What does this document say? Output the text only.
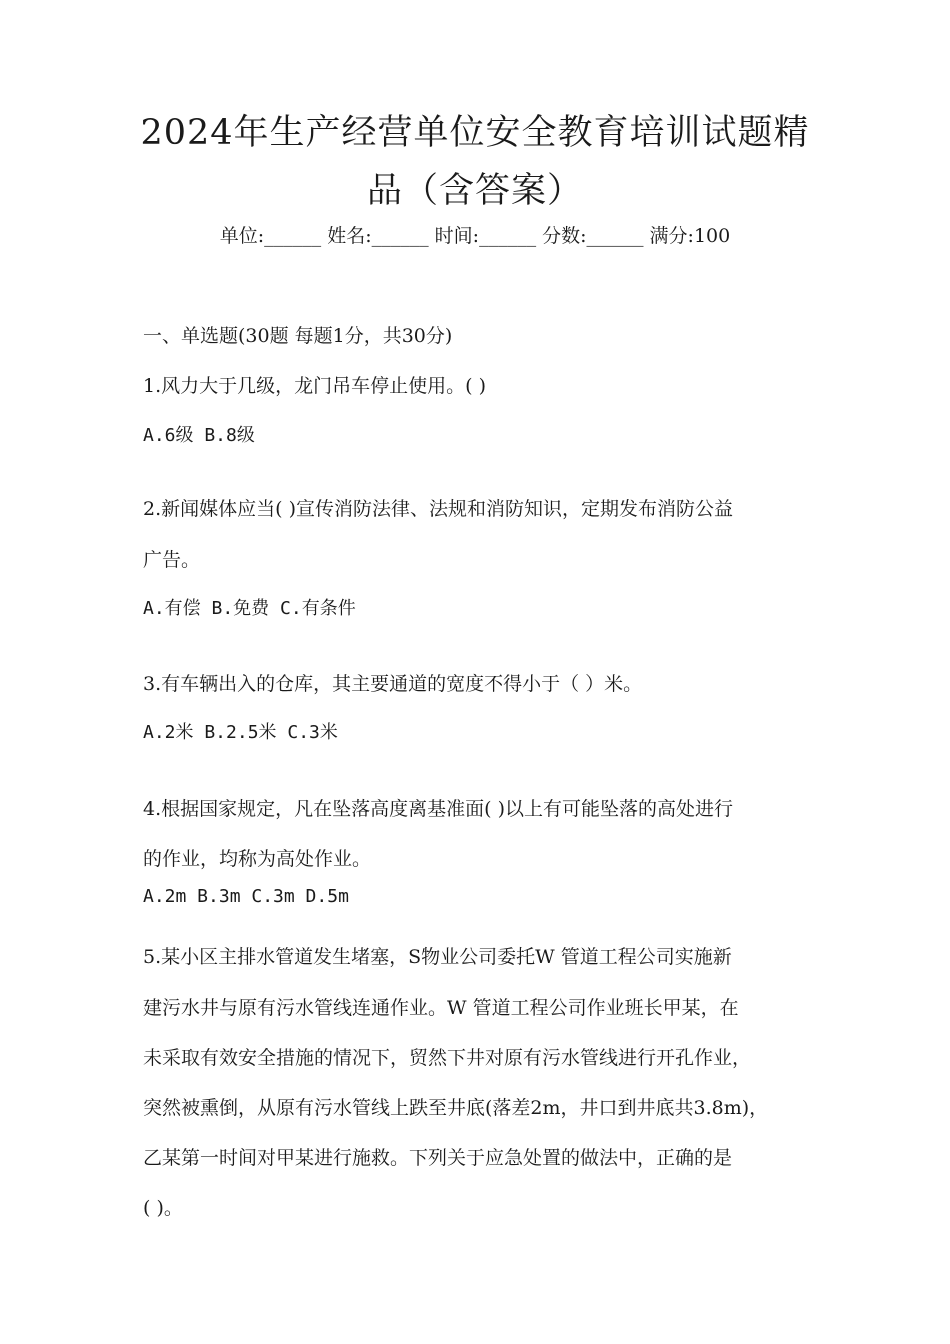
2024年生产经营单位安全教育培训试题精
品（含答案）
单位:______ 姓名:______ 时间:______ 分数:______ 满分:100
一、单选题(30题 每题1分，共30分)
1.风力大于几级，龙门吊车停止使用。( )
A.6级 B.8级
2.新闻媒体应当( )宣传消防法律、法规和消防知识，定期发布消防公益
广告。
A.有偿 B.免费 C.有条件
3.有车辆出入的仓库，其主要通道的宽度不得小于（ ）米。
A.2米 B.2.5米 C.3米
4.根据国家规定，凡在坠落高度离基准面( )以上有可能坠落的高处进行
的作业，均称为高处作业。
A.2m B.3m C.3m D.5m
5.某小区主排水管道发生堵塞，S物业公司委托W 管道工程公司实施新
建污水井与原有污水管线连通作业。W 管道工程公司作业班长甲某，在
未采取有效安全措施的情况下，贸然下井对原有污水管线进行开孔作业，
突然被熏倒，从原有污水管线上跌至井底(落差2m，井口到井底共3.8m)，
乙某第一时间对甲某进行施救。下列关于应急处置的做法中，正确的是
( )。
